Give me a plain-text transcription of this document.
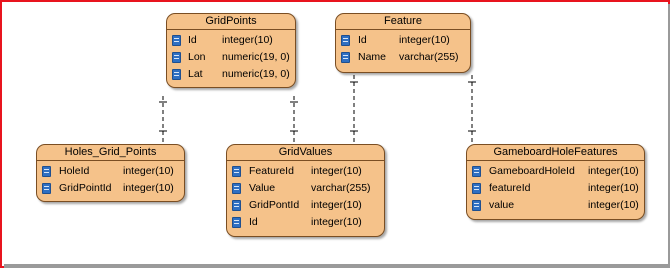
GridPoints
Id integer(10)
Lon numeric(19, 0)
Lat numeric(19, 0)
Feature
Id	integer(10)
Name varchar(255)
Holes_Grid_Points
HoleId	integer(10)
GridPointId integer(10)
GridValues
FeatureId integer(10)
Value	varchar(255)
GridPontId integer(10)
Id	integer(10)
GameboardHoleFeatures
GameboardHoleId integer(10)
featureId	integer(10)
value	integer(10)
